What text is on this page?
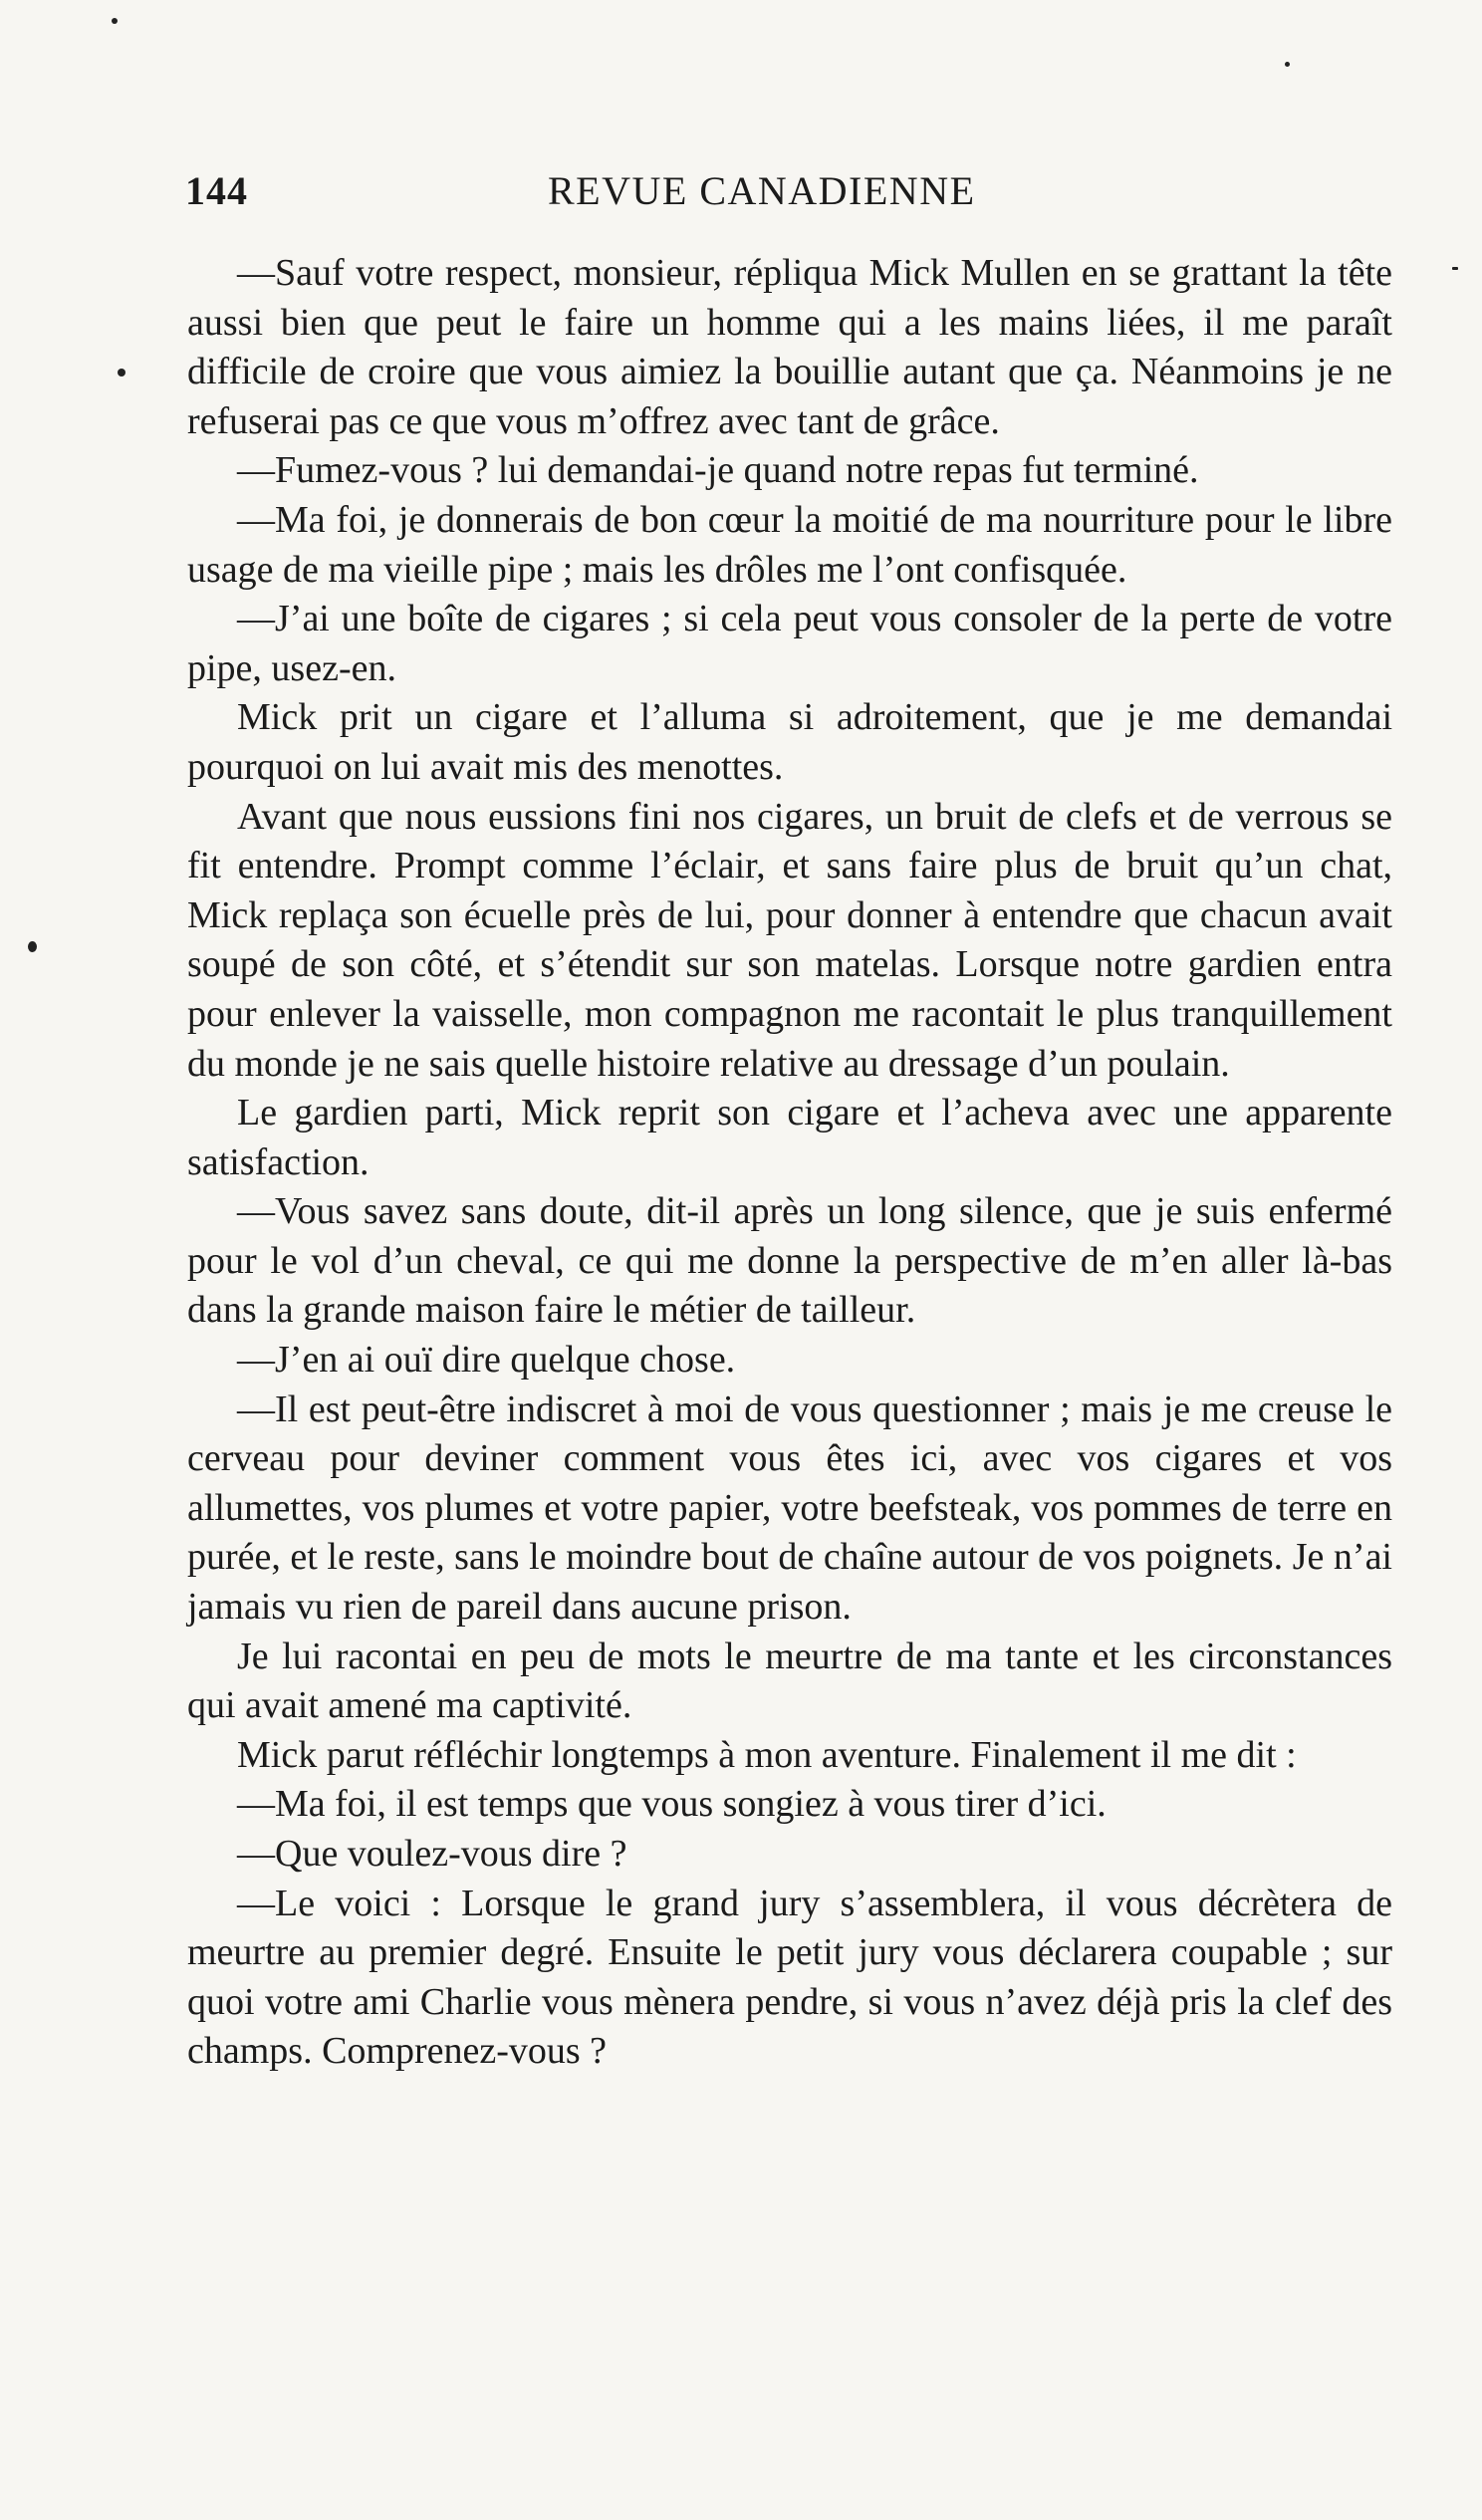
144	REVUE CANADIENNE

—Sauf votre respect, monsieur, répliqua Mick Mullen en se grattant la tête aussi bien que peut le faire un homme qui a les mains liées, il me paraît difficile de croire que vous aimiez la bouillie autant que ça. Néanmoins je ne refuserai pas ce que vous m’offrez avec tant de grâce.

—Fumez-vous ? lui demandai-je quand notre repas fut terminé.

—Ma foi, je donnerais de bon cœur la moitié de ma nourriture pour le libre usage de ma vieille pipe ; mais les drôles me l’ont confisquée.

—J’ai une boîte de cigares ; si cela peut vous consoler de la perte de votre pipe, usez-en.

Mick prit un cigare et l’alluma si adroitement, que je me demandai pourquoi on lui avait mis des menottes.

Avant que nous eussions fini nos cigares, un bruit de clefs et de verrous se fit entendre. Prompt comme l’éclair, et sans faire plus de bruit qu’un chat, Mick replaça son écuelle près de lui, pour donner à entendre que chacun avait soupé de son côté, et s’étendit sur son matelas. Lorsque notre gardien entra pour enlever la vaisselle, mon compagnon me racontait le plus tranquillement du monde je ne sais quelle histoire relative au dressage d’un poulain.

Le gardien parti, Mick reprit son cigare et l’acheva avec une apparente satisfaction.

—Vous savez sans doute, dit-il après un long silence, que je suis enfermé pour le vol d’un cheval, ce qui me donne la perspective de m’en aller là-bas dans la grande maison faire le métier de tailleur.

—J’en ai ouï dire quelque chose.

—Il est peut-être indiscret à moi de vous questionner ; mais je me creuse le cerveau pour deviner comment vous êtes ici, avec vos cigares et vos allumettes, vos plumes et votre papier, votre beefsteak, vos pommes de terre en purée, et le reste, sans le moindre bout de chaîne autour de vos poignets. Je n’ai jamais vu rien de pareil dans aucune prison.

Je lui racontai en peu de mots le meurtre de ma tante et les circonstances qui avait amené ma captivité.

Mick parut réfléchir longtemps à mon aventure. Finalement il me dit :

—Ma foi, il est temps que vous songiez à vous tirer d’ici.

—Que voulez-vous dire ?

—Le voici : Lorsque le grand jury s’assemblera, il vous décrètera de meurtre au premier degré. Ensuite le petit jury vous déclarera coupable ; sur quoi votre ami Charlie vous mènera pendre, si vous n’avez déjà pris la clef des champs. Comprenez-vous ?
